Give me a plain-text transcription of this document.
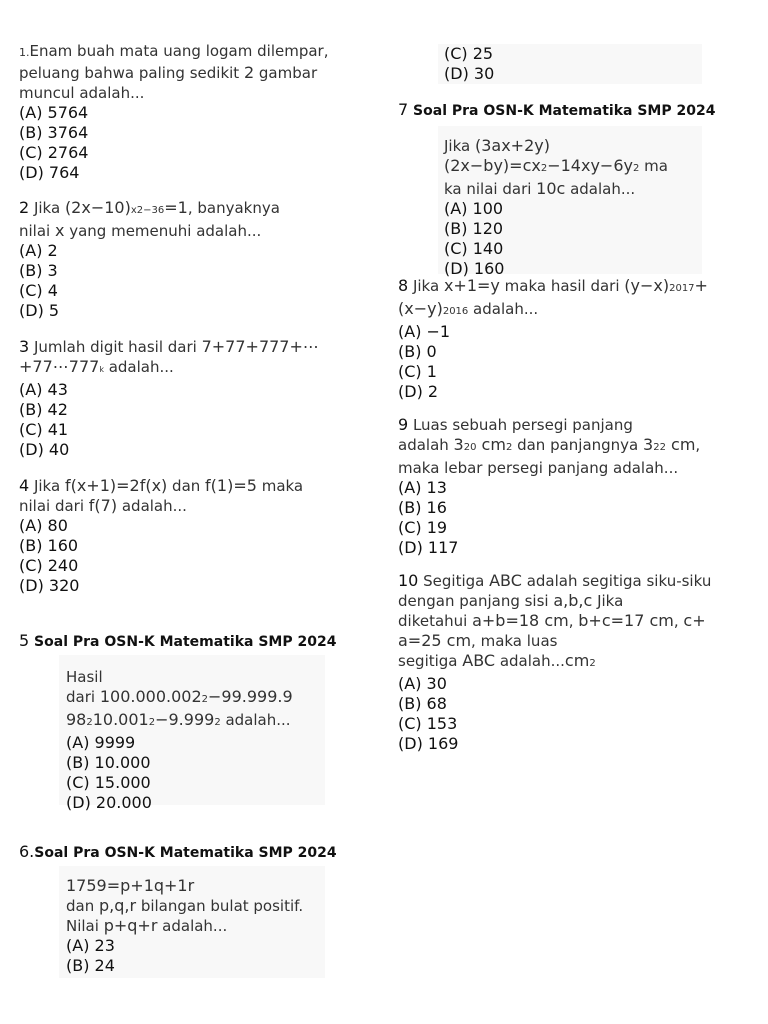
1.Enam buah mata uang logam dilempar,
peluang bahwa paling sedikit 2 gambar
muncul adalah...
(A) 5764
(B) 3764
(C) 2764
(D) 764
2 Jika (2x−10)x2−36=1, banyaknya
nilai x yang memenuhi adalah...
(A) 2
(B) 3
(C) 4
(D) 5
3 Jumlah digit hasil dari 7+77+777+⋯
+77⋯777k adalah...
(A) 43
(B) 42
(C) 41
(D) 40
4 Jika f(x+1)=2f(x) dan f(1)=5 maka
nilai dari f(7) adalah...
(A) 80
(B) 160
(C) 240
(D) 320
5 Soal Pra OSN-K Matematika SMP 2024
Hasil
dari 100.000.0022−99.999.9
98210.0012−9.9992 adalah...
(A) 9999
(B) 10.000
(C) 15.000
(D) 20.000
6.Soal Pra OSN-K Matematika SMP 2024
1759=p+1q+1r
dan p,q,r bilangan bulat positif.
Nilai p+q+r adalah...
(A) 23
(B) 24
(C) 25
(D) 30
7 Soal Pra OSN-K Matematika SMP 2024
Jika (3ax+2y)
(2x−by)=cx2−14xy−6y2 ma
ka nilai dari 10c adalah...
(A) 100
(B) 120
(C) 140
(D) 160
8 Jika x+1=y maka hasil dari (y−x)2017+
(x−y)2016 adalah...
(A) −1
(B) 0
(C) 1
(D) 2
9 Luas sebuah persegi panjang
adalah 320 cm2 dan panjangnya 322 cm,
maka lebar persegi panjang adalah...
(A) 13
(B) 16
(C) 19
(D) 117
10 Segitiga ABC adalah segitiga siku-siku
dengan panjang sisi a,b,c Jika
diketahui a+b=18 cm, b+c=17 cm, c+
a=25 cm, maka luas
segitiga ABC adalah...cm2
(A) 30
(B) 68
(C) 153
(D) 169
